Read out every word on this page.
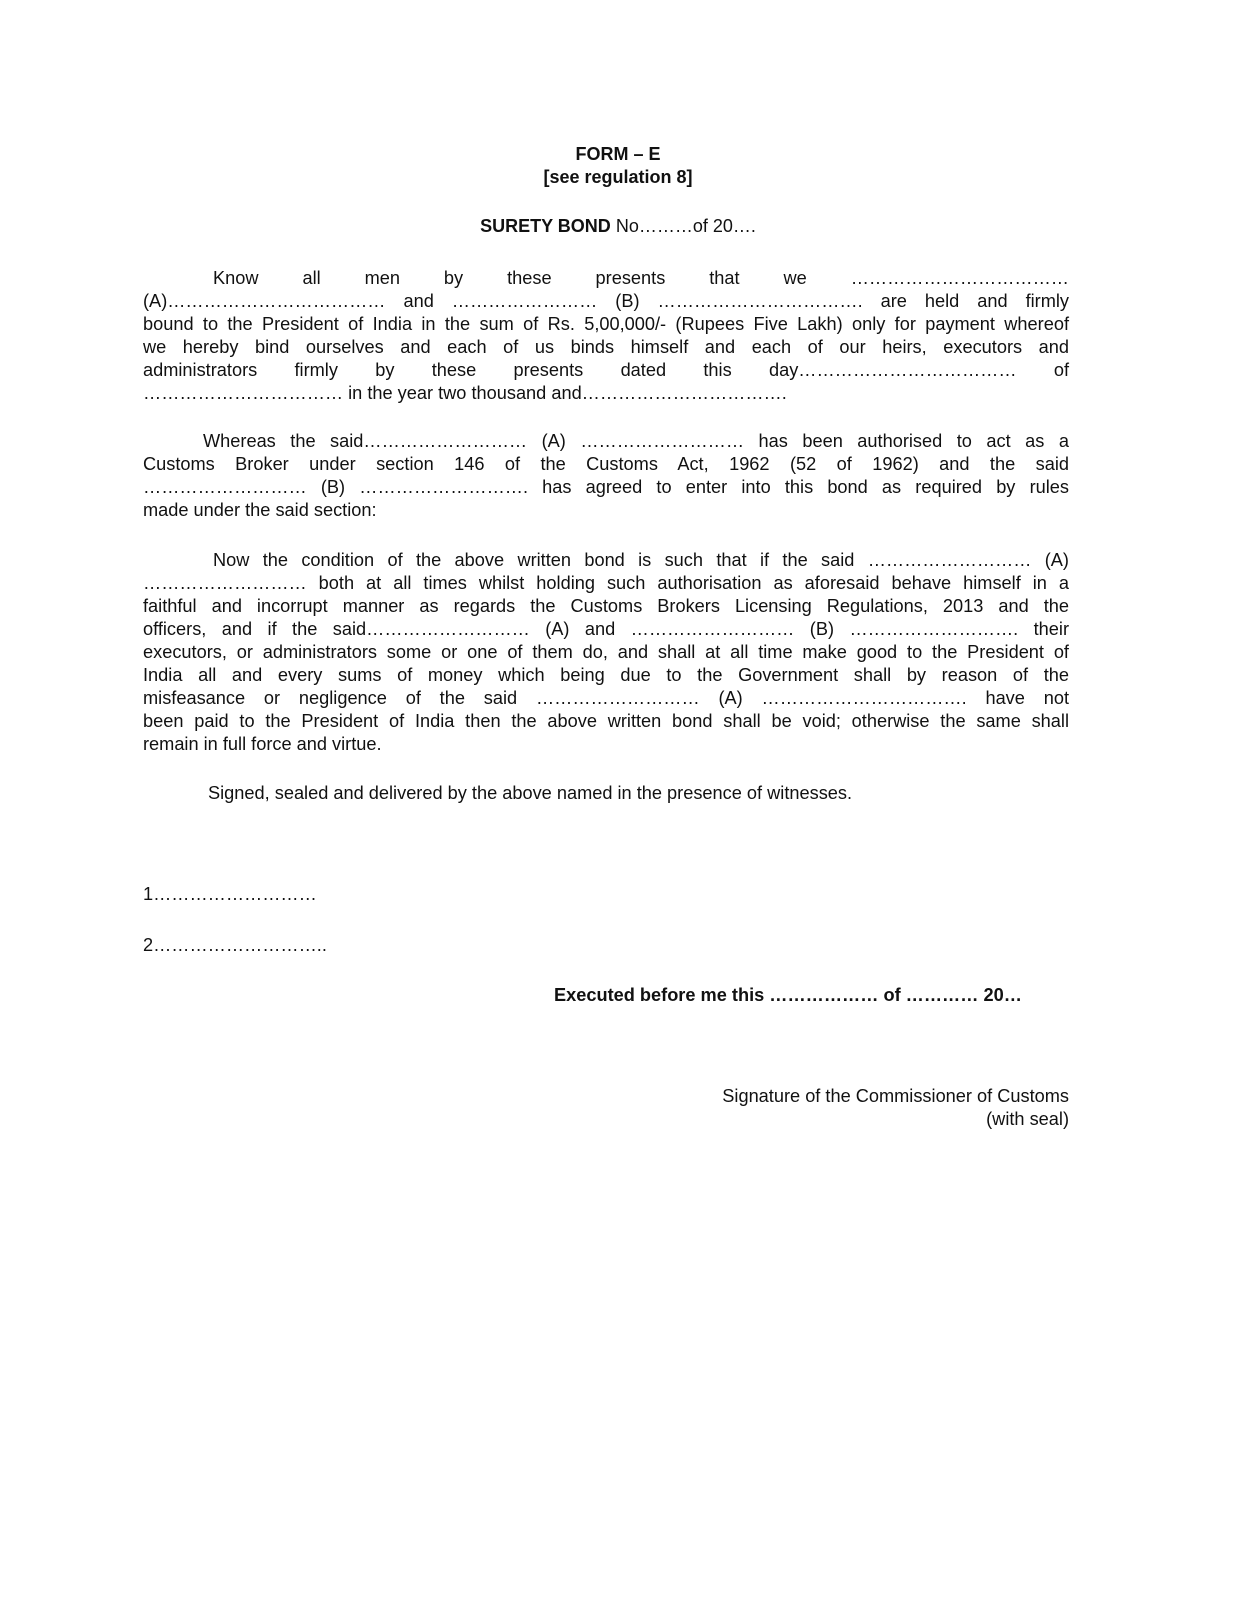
FORM – E
[see regulation 8]
SURETY BOND No………of 20….
Know all men by these presents that we ………………………………
(A)……………………………… and …………………… (B) ……………………………. are held and firmly
bound to the President of India in the sum of Rs. 5,00,000/- (Rupees Five Lakh) only for payment whereof
we hereby bind ourselves and each of us binds himself and each of our heirs, executors and
administrators firmly by these presents dated this day……………………………… of
…………………………… in the year two thousand and…………………………….
Whereas the said……………………… (A) ……………………… has been authorised to act as a
Customs Broker under section 146 of the Customs Act, 1962 (52 of 1962) and the said
……………………… (B) ………………………. has agreed to enter into this bond as required by rules
made under the said section:
Now the condition of the above written bond is such that if the said ……………………… (A)
……………………… both at all times whilst holding such authorisation as aforesaid behave himself in a
faithful and incorrupt manner as regards the Customs Brokers Licensing Regulations, 2013 and the
officers, and if the said……………………… (A) and ……………………… (B) ………………………. their
executors, or administrators some or one of them do, and shall at all time make good to the President of
India all and every sums of money which being due to the Government shall by reason of the
misfeasance or negligence of the said ……………………… (A) ……………………………. have not
been paid to the President of India then the above written bond shall be void; otherwise the same shall
remain in full force and virtue.
Signed, sealed and delivered by the above named in the presence of witnesses.
1………………………
2………………………..
Executed before me this ……………… of ………… 20…
Signature of the Commissioner of Customs
(with seal)
